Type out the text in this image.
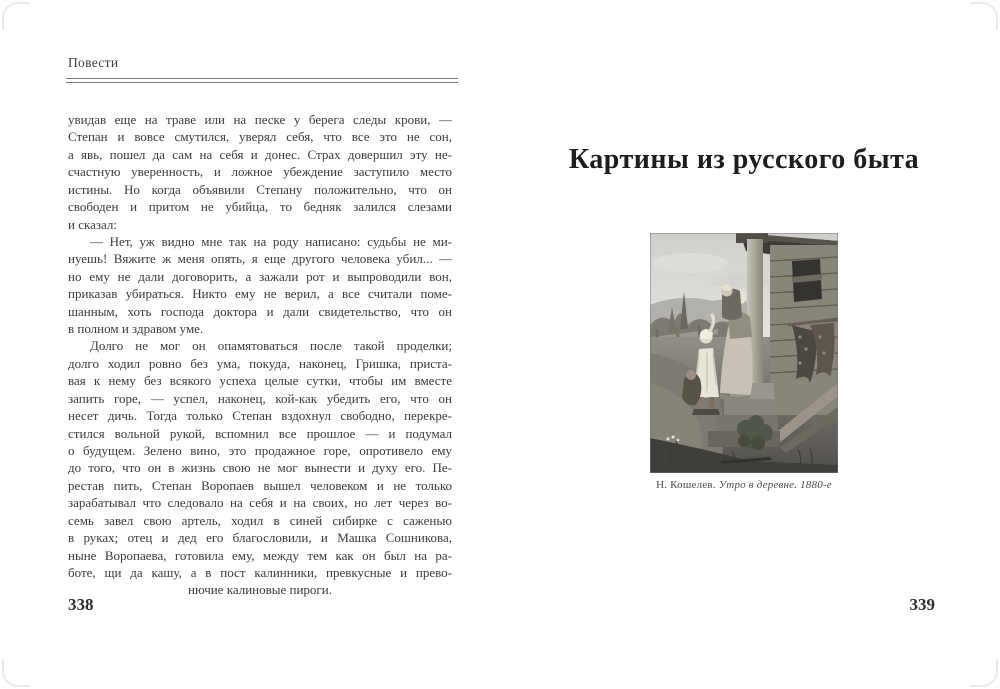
Повести
увидав еще на траве или на песке у берега следы крови, —
Степан и вовсе смутился, уверял себя, что все это не сон,
а явь, пошел да сам на себя и донес. Страх довершил эту не-
счастную уверенность, и ложное убеждение заступило место
истины. Но когда объявили Степану положительно, что он
свободен и притом не убийца, то бедняк залился слезами
и сказал:
— Нет, уж видно мне так на роду написано: судьбы не ми-
нуешь! Вяжите ж меня опять, я еще другого человека убил... —
но ему не дали договорить, а зажали рот и выпроводили вон,
приказав убираться. Никто ему не верил, а все считали поме-
шанным, хоть господа доктора и дали свидетельство, что он
в полном и здравом уме.
Долго не мог он опамятоваться после такой проделки;
долго ходил ровно без ума, покуда, наконец, Гришка, приста-
вая к нему без всякого успеха целые сутки, чтобы им вместе
запить горе, — успел, наконец, кой-как убедить его, что он
несет дичь. Тогда только Степан вздохнул свободно, перекре-
стился вольной рукой, вспомнил все прошлое — и подумал
о будущем. Зелено вино, это продажное горе, опротивело ему
до того, что он в жизнь свою не мог вынести и духу его. Пе-
рестав пить, Степан Воропаев вышел человеком и не только
зарабатывал что следовало на себя и на своих, но лет через во-
семь завел свою артель, ходил в синей сибирке с саженью
в руках; отец и дед его благословили, и Машка Сошникова,
ныне Воропаева, готовила ему, между тем как он был на ра-
боте, щи да кашу, а в пост калинники, превкусные и прево-
нючие калиновые пироги.
338
Картины из русского быта
Н. Кошелев. Утро в деревне. 1880-е
339
